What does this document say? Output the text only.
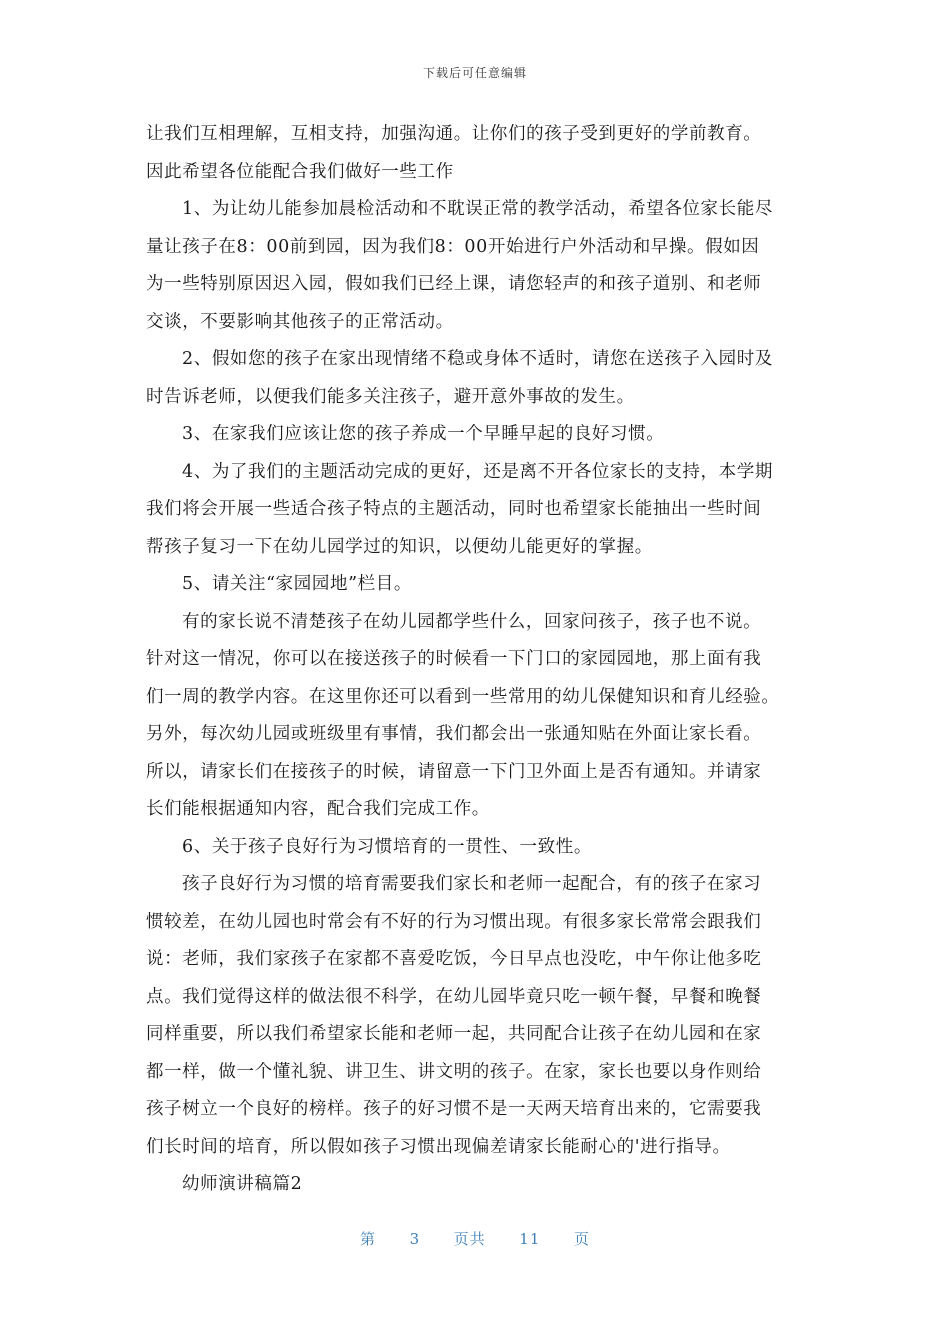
下载后可任意编辑
让我们互相理解，互相支持，加强沟通。让你们的孩子受到更好的学前教育。
因此希望各位能配合我们做好一些工作
1、为让幼儿能参加晨检活动和不耽误正常的教学活动，希望各位家长能尽
量让孩子在8：00前到园，因为我们8：00开始进行户外活动和早操。假如因
为一些特别原因迟入园，假如我们已经上课，请您轻声的和孩子道别、和老师
交谈，不要影响其他孩子的正常活动。
2、假如您的孩子在家出现情绪不稳或身体不适时，请您在送孩子入园时及
时告诉老师，以便我们能多关注孩子，避开意外事故的发生。
3、在家我们应该让您的孩子养成一个早睡早起的良好习惯。
4、为了我们的主题活动完成的更好，还是离不开各位家长的支持，本学期
我们将会开展一些适合孩子特点的主题活动，同时也希望家长能抽出一些时间
帮孩子复习一下在幼儿园学过的知识，以便幼儿能更好的掌握。
5、请关注“家园园地”栏目。
有的家长说不清楚孩子在幼儿园都学些什么，回家问孩子，孩子也不说。
针对这一情况，你可以在接送孩子的时候看一下门口的家园园地，那上面有我
们一周的教学内容。在这里你还可以看到一些常用的幼儿保健知识和育儿经验。
另外，每次幼儿园或班级里有事情，我们都会出一张通知贴在外面让家长看。
所以，请家长们在接孩子的时候，请留意一下门卫外面上是否有通知。并请家
长们能根据通知内容，配合我们完成工作。
6、关于孩子良好行为习惯培育的一贯性、一致性。
孩子良好行为习惯的培育需要我们家长和老师一起配合，有的孩子在家习
惯较差，在幼儿园也时常会有不好的行为习惯出现。有很多家长常常会跟我们
说：老师，我们家孩子在家都不喜爱吃饭，今日早点也没吃，中午你让他多吃
点。我们觉得这样的做法很不科学，在幼儿园毕竟只吃一顿午餐，早餐和晚餐
同样重要，所以我们希望家长能和老师一起，共同配合让孩子在幼儿园和在家
都一样，做一个懂礼貌、讲卫生、讲文明的孩子。在家，家长也要以身作则给
孩子树立一个良好的榜样。孩子的好习惯不是一天两天培育出来的，它需要我
们长时间的培育，所以假如孩子习惯出现偏差请家长能耐心的'进行指导。
幼师演讲稿篇2
第 3 页共 11 页
